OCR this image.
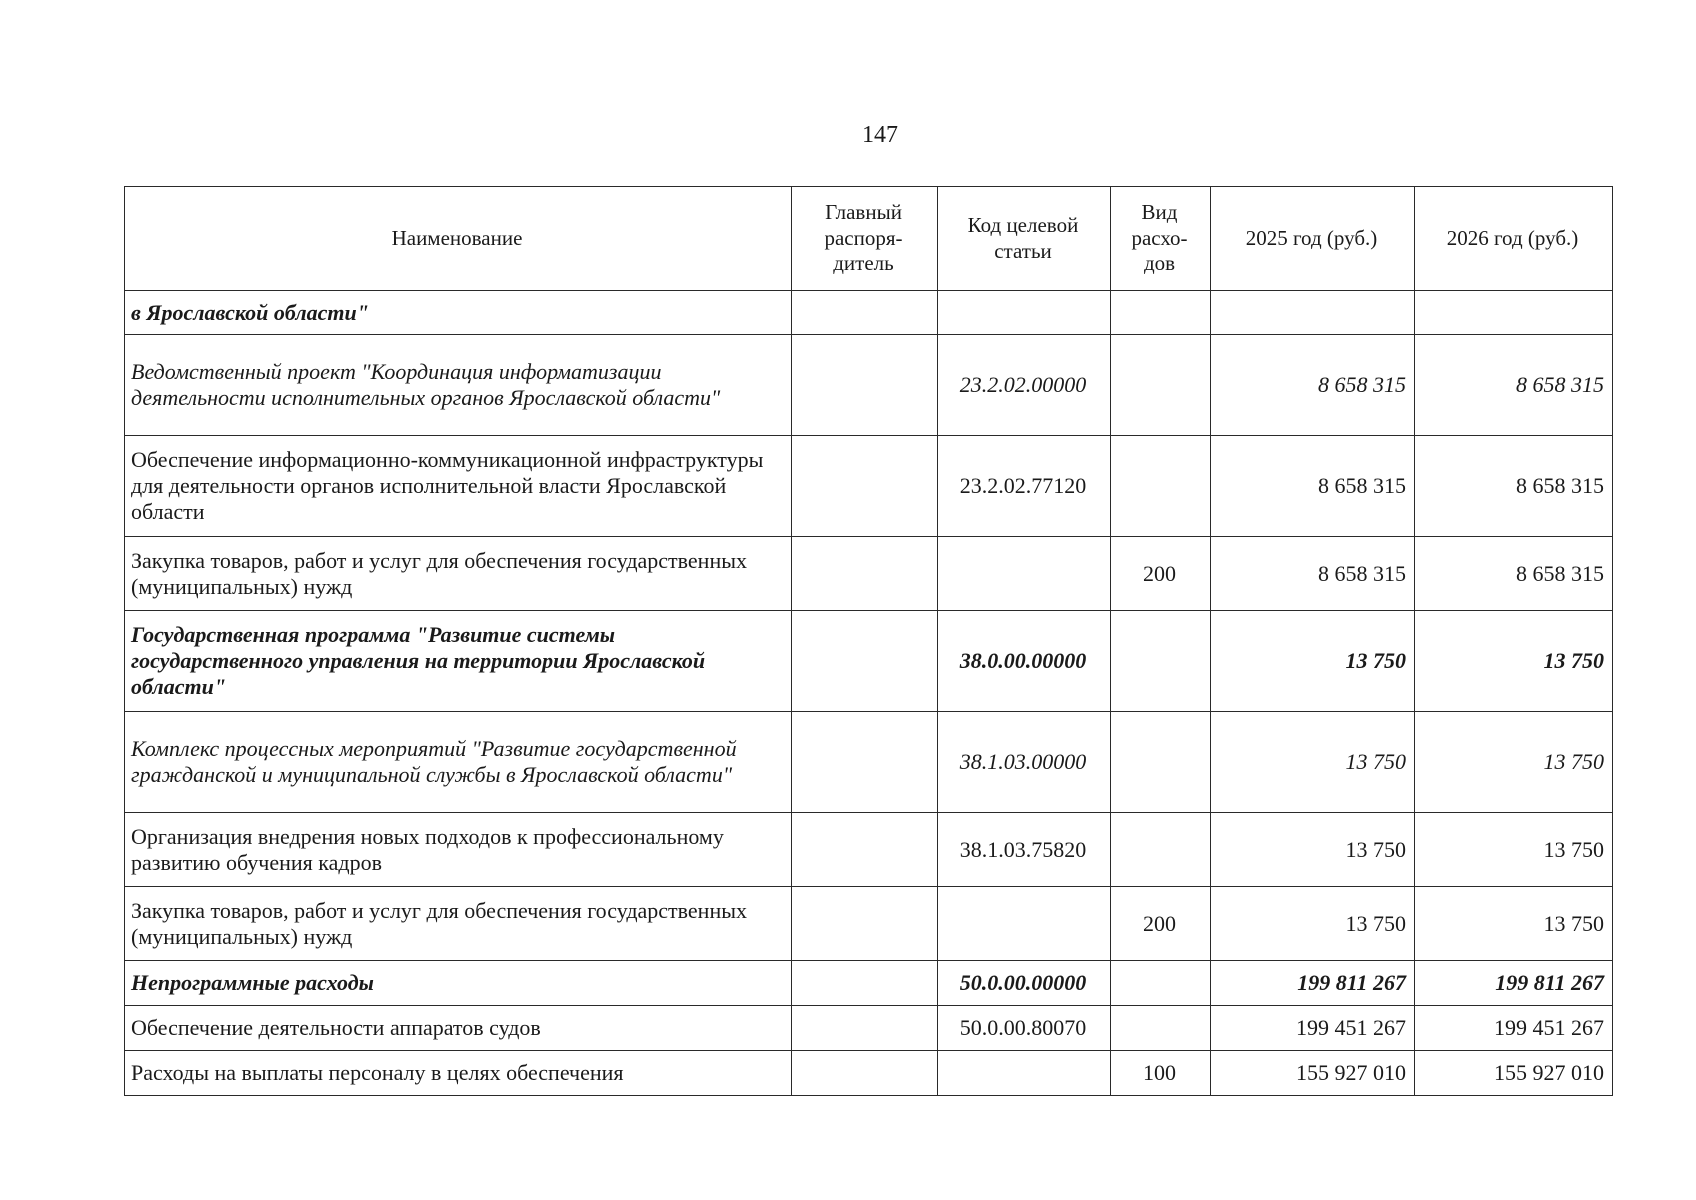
147
Наименование	Главный распоря-дитель	Код целевой статьи	Вид расхо-дов	2025 год (руб.)	2026 год (руб.)
в Ярославской области"					
Ведомственный проект "Координация информатизации деятельности исполнительных органов Ярославской области"		23.2.02.00000		8 658 315	8 658 315
Обеспечение информационно-коммуникационной инфраструктуры для деятельности органов исполнительной власти Ярославской области		23.2.02.77120		8 658 315	8 658 315
Закупка товаров, работ и услуг для обеспечения государственных (муниципальных) нужд			200	8 658 315	8 658 315
Государственная программа "Развитие системы государственного управления на территории Ярославской области"		38.0.00.00000		13 750	13 750
Комплекс процессных мероприятий "Развитие государственной гражданской и муниципальной службы в Ярославской области"		38.1.03.00000		13 750	13 750
Организация внедрения новых подходов к профессиональному развитию обучения кадров		38.1.03.75820		13 750	13 750
Закупка товаров, работ и услуг для обеспечения государственных (муниципальных) нужд			200	13 750	13 750
Непрограммные расходы		50.0.00.00000		199 811 267	199 811 267
Обеспечение деятельности аппаратов судов		50.0.00.80070		199 451 267	199 451 267
Расходы на выплаты персоналу в целях обеспечения			100	155 927 010	155 927 010
